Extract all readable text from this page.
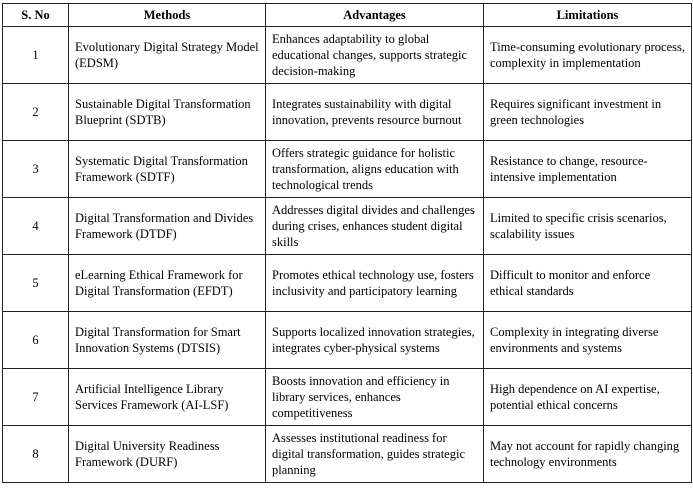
S. No	Methods	Advantages	Limitations
1	Evolutionary Digital Strategy Model (EDSM)	Enhances adaptability to global educational changes, supports strategic decision-making	Time-consuming evolutionary process, complexity in implementation
2	Sustainable Digital Transformation Blueprint (SDTB)	Integrates sustainability with digital innovation, prevents resource burnout	Requires significant investment in green technologies
3	Systematic Digital Transformation Framework (SDTF)	Offers strategic guidance for holistic transformation, aligns education with technological trends	Resistance to change, resource-intensive implementation
4	Digital Transformation and Divides Framework (DTDF)	Addresses digital divides and challenges during crises, enhances student digital skills	Limited to specific crisis scenarios, scalability issues
5	eLearning Ethical Framework for Digital Transformation (EFDT)	Promotes ethical technology use, fosters inclusivity and participatory learning	Difficult to monitor and enforce ethical standards
6	Digital Transformation for Smart Innovation Systems (DTSIS)	Supports localized innovation strategies, integrates cyber-physical systems	Complexity in integrating diverse environments and systems
7	Artificial Intelligence Library Services Framework (AI-LSF)	Boosts innovation and efficiency in library services, enhances competitiveness	High dependence on AI expertise, potential ethical concerns
8	Digital University Readiness Framework (DURF)	Assesses institutional readiness for digital transformation, guides strategic planning	May not account for rapidly changing technology environments
